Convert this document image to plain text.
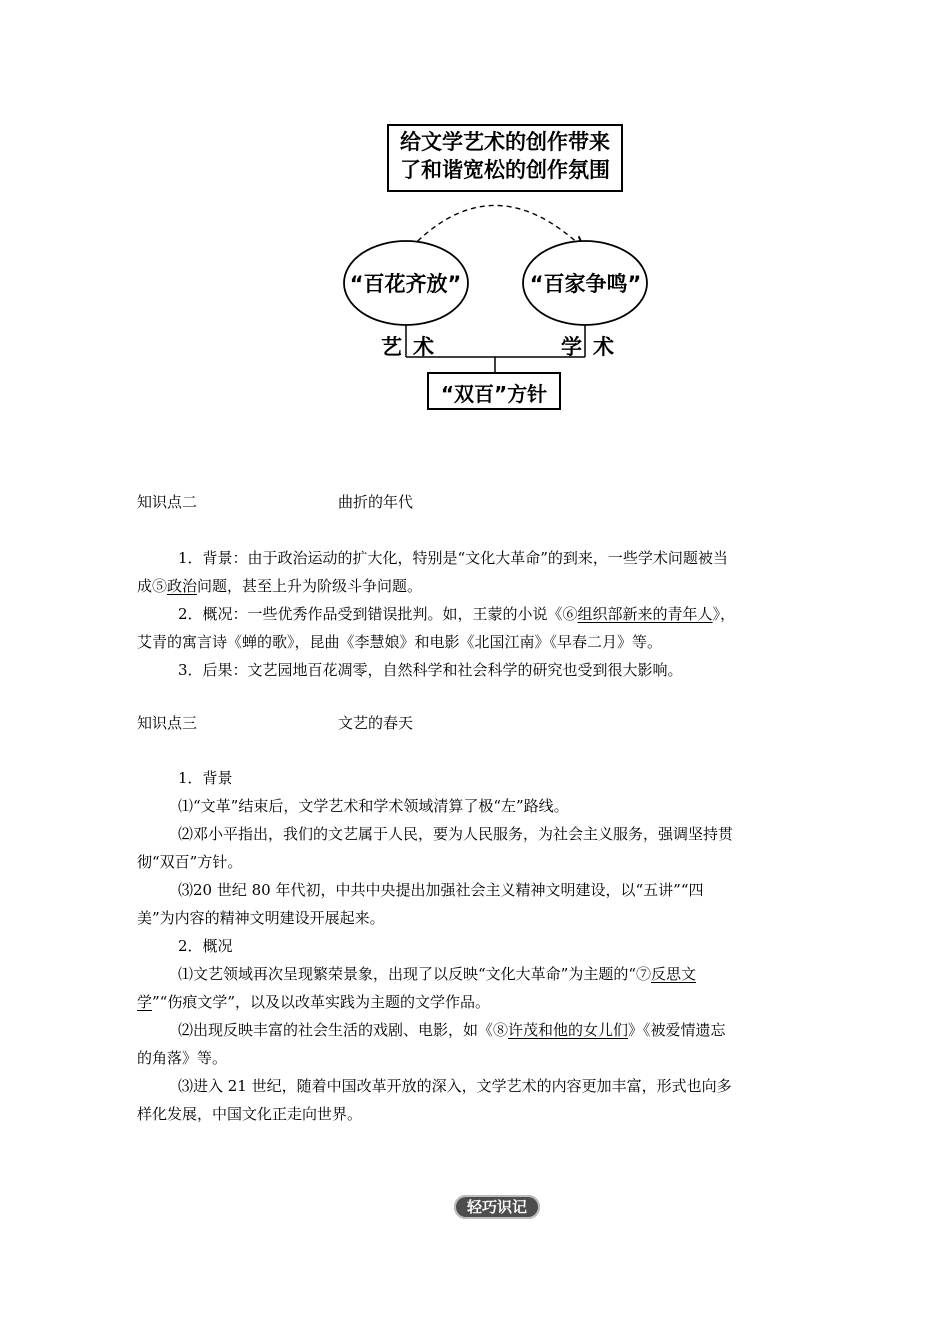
给文学艺术的创作带来
了和谐宽松的创作氛围
“百花齐放”	“百家争鸣”
艺 术	学 术
“双百”方针
知识点二	曲折的年代
1．背景：由于政治运动的扩大化，特别是“文化大革命”的到来，一些学术问题被当
成⑤政治问题，甚至上升为阶级斗争问题。
2．概况：一些优秀作品受到错误批判。如，王蒙的小说《⑥组织部新来的青年人》，
艾青的寓言诗《蝉的歌》，昆曲《李慧娘》和电影《北国江南》《早春二月》等。
3．后果：文艺园地百花凋零，自然科学和社会科学的研究也受到很大影响。
知识点三	文艺的春天
1．背景
⑴“文革”结束后，文学艺术和学术领域清算了极“左”路线。
⑵邓小平指出，我们的文艺属于人民，要为人民服务，为社会主义服务，强调坚持贯
彻“双百”方针。
⑶20 世纪 80 年代初，中共中央提出加强社会主义精神文明建设，以“五讲”“四
美”为内容的精神文明建设开展起来。
2．概况
⑴文艺领域再次呈现繁荣景象，出现了以反映“文化大革命”为主题的“⑦反思文
学”“伤痕文学”，以及以改革实践为主题的文学作品。
⑵出现反映丰富的社会生活的戏剧、电影，如《⑧许茂和他的女儿们》《被爱情遗忘
的角落》等。
⑶进入 21 世纪，随着中国改革开放的深入，文学艺术的内容更加丰富，形式也向多
样化发展，中国文化正走向世界。
轻巧识记
